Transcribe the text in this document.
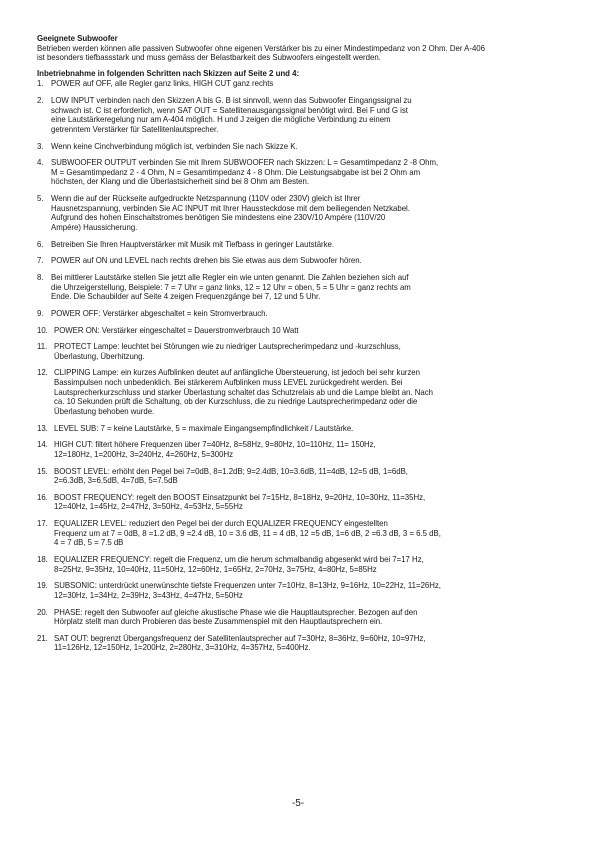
Geeignete Subwoofer

Betrieben werden können alle passiven Subwoofer ohne eigenen Verstärker bis zu einer Mindestimpedanz von 2 Ohm. Der A-406
ist besonders tiefbassstark und muss gemäss der Belastbarkeit des Subwoofers eingestellt werden.

Inbetriebnahme in folgenden Schritten nach Skizzen auf Seite 2 und 4:
1. POWER auf OFF, alle Regler ganz links, HIGH CUT ganz rechts
2. LOW INPUT verbinden nach den Skizzen A bis G. B ist sinnvoll, wenn das Subwoofer Eingangssignal zu
schwach ist. C ist erforderlich, wenn SAT OUT = Satellitenausgangssignal benötigt wird. Bei F und G ist
eine Lautstärkeregelung nur am A-404 möglich. H und J zeigen die mögliche Verbindung zu einem
getrenntem Verstärker für Satellitenlautsprecher.
3. Wenn keine Cinchverbindung möglich ist, verbinden Sie nach Skizze K.
4. SUBWOOFER OUTPUT verbinden Sie mit Ihrem SUBWOOFER nach Skizzen: L = Gesamtimpedanz 2 -8 Ohm,
M = Gesamtimpedanz 2 - 4 Ohm, N = Gesamtimpedanz 4 - 8 Ohm. Die Leistungsabgabe ist bei 2 Ohm am
höchsten, der Klang und die Überlastsicherheit sind bei 8 Ohm am Besten.
5. Wenn die auf der Rückseite aufgedruckte Netzspannung (110V oder 230V) gleich ist Ihrer
Hausnetzspannung, verbinden Sie AC INPUT mit Ihrer Haussteckdose mit dem beiliegenden Netzkabel.
Aufgrund des hohen Einschaltstromes benötigen Sie mindestens eine 230V/10 Ampére (110V/20
Ampére) Haussicherung.
6. Betreiben Sie Ihren Hauptverstärker mit Musik mit Tiefbass in geringer Lautstärke.
7. POWER auf ON und LEVEL nach rechts drehen bis Sie etwas aus dem Subwoofer hören.
8. Bei mittlerer Lautstärke stellen Sie jetzt alle Regler ein wie unten genannt. Die Zahlen beziehen sich auf
die Uhrzeigerstellung, Beispiele: 7 = 7 Uhr = ganz links, 12 = 12 Uhr = oben, 5 = 5 Uhr = ganz rechts am
Ende. Die Schaubilder auf Seite 4 zeigen Frequenzgänge bei 7, 12 und 5 Uhr.
9. POWER OFF: Verstärker abgeschaltet = kein Stromverbrauch.
10. POWER ON: Verstärker eingeschaltet = Dauerstromverbrauch 10 Watt
11. PROTECT Lampe: leuchtet bei Störungen wie zu niedriger Lautsprecherimpedanz und -kurzschluss,
Überlastung, Überhitzung.
12. CLIPPING Lampe: ein kurzes Aufblinken deutet auf anfängliche Übersteuerung, ist jedoch bei sehr kurzen
Bassimpulsen noch unbedenklich. Bei stärkerem Aufblinken muss LEVEL zurückgedreht werden. Bei
Lautsprecherkurzschluss und starker Überlastung schaltet das Schutzrelais ab und die Lampe bleibt an. Nach
ca. 10 Sekunden prüft die Schaltung, ob der Kurzschluss, die zu niedrige Lautsprecherimpedanz oder die
Überlastung behoben wurde.
13. LEVEL SUB: 7 = keine Lautstärke, 5 = maximale Eingangsempfindlichkeit / Lautstärke.
14. HIGH CUT: filtert höhere Frequenzen über 7=40Hz, 8=58Hz, 9=80Hz, 10=110Hz, 11= 150Hz,
12=180Hz, 1=200Hz, 3=240Hz, 4=260Hz, 5=300Hz
15. BOOST LEVEL: erhöht den Pegel bei 7=0dB, 8=1.2dB; 9=2.4dB, 10=3.6dB, 11=4dB, 12=5 dB, 1=6dB,
2=6.3dB, 3=6.5dB, 4=7dB, 5=7.5dB
16. BOOST FREQUENCY: regelt den BOOST Einsatzpunkt bei 7=15Hz, 8=18Hz, 9=20Hz, 10=30Hz, 11=35Hz,
12=40Hz, 1=45Hz, 2=47Hz, 3=50Hz, 4=53Hz, 5=55Hz
17. EQUALIZER LEVEL: reduziert den Pegel bei der durch EQUALIZER FREQUENCY eingestellten
Frequenz um at 7 = 0dB, 8 =1.2 dB, 9 =2.4 dB, 10 = 3.6 dB, 11 = 4 dB, 12 =5 dB, 1=6 dB, 2 =6.3 dB, 3 = 6.5 dB,
4 = 7 dB, 5 = 7.5 dB
18. EQUALIZER FREQUENCY: regelt die Frequenz, um die herum schmalbandig abgesenkt wird bei 7=17 Hz,
8=25Hz, 9=35Hz, 10=40Hz, 11=50Hz, 12=60Hz, 1=65Hz, 2=70Hz, 3=75Hz, 4=80Hz, 5=85Hz
19. SUBSONIC: unterdrückt unerwünschte tiefste Frequenzen unter 7=10Hz, 8=13Hz, 9=16Hz, 10=22Hz, 11=26Hz,
12=30Hz, 1=34Hz, 2=39Hz, 3=43Hz, 4=47Hz, 5=50Hz
20. PHASE: regelt den Subwoofer auf gleiche akustische Phase wie die Hauptlautsprecher. Bezogen auf den
Hörplatz stellt man durch Probieren das beste Zusammenspiel mit den Hauptlautsprechern ein.
21. SAT OUT: begrenzt Übergangsfrequenz der Satellitenlautsprecher auf 7=30Hz, 8=36Hz, 9=60Hz, 10=97Hz,
11=126Hz, 12=150Hz, 1=200Hz, 2=280Hz, 3=310Hz, 4=357Hz, 5=400Hz.
-5-
